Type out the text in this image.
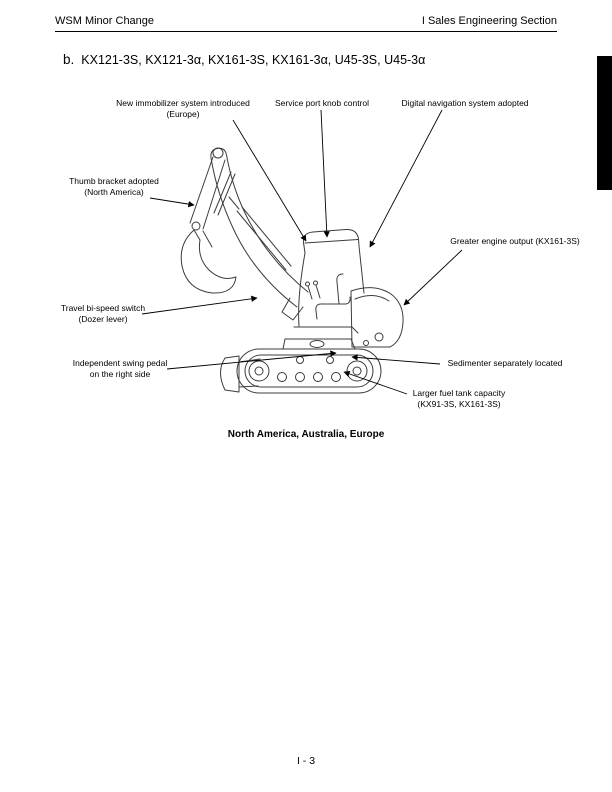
WSM Minor Change	I Sales Engineering Section
b. KX121-3S, KX121-3α, KX161-3S, KX161-3α, U45-3S, U45-3α
New immobilizer system introduced
(Europe)
Service port knob control	Digital navigation system adopted
Thumb bracket adopted
(North America)
Greater engine output (KX161-3S)
Travel bi-speed switch
(Dozer lever)
Independent swing pedal
on the right side
Sedimenter separately located
Larger fuel tank capacity
(KX91-3S, KX161-3S)
North America, Australia, Europe
I - 3
